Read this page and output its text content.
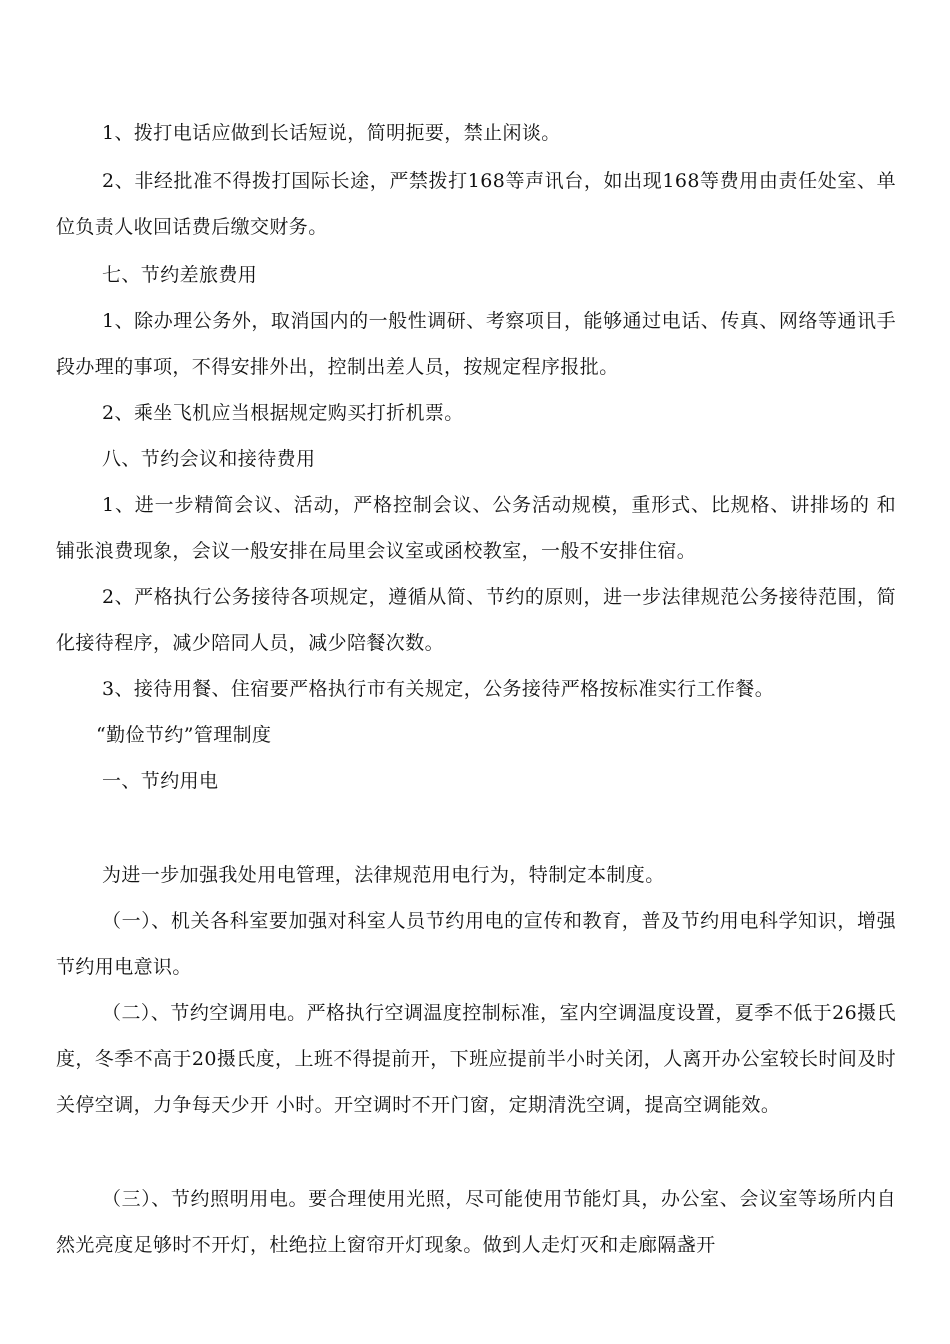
1、拨打电话应做到长话短说，简明扼要，禁止闲谈。

2、非经批准不得拨打国际长途，严禁拨打168等声讯台，如出现168等费用由责任处室、单位负责人收回话费后缴交财务。

七、节约差旅费用

1、除办理公务外，取消国内的一般性调研、考察项目，能够通过电话、传真、网络等通讯手段办理的事项，不得安排外出，控制出差人员，按规定程序报批。

2、乘坐飞机应当根据规定购买打折机票。

八、节约会议和接待费用

1、进一步精简会议、活动，严格控制会议、公务活动规模，重形式、比规格、讲排场的 和铺张浪费现象，会议一般安排在局里会议室或函校教室，一般不安排住宿。

2、严格执行公务接待各项规定，遵循从简、节约的原则，进一步法律规范公务接待范围，简化接待程序，减少陪同人员，减少陪餐次数。

3、接待用餐、住宿要严格执行市有关规定，公务接待严格按标准实行工作餐。

“勤俭节约”管理制度

一、节约用电

为进一步加强我处用电管理，法律规范用电行为，特制定本制度。

（一）、机关各科室要加强对科室人员节约用电的宣传和教育，普及节约用电科学知识，增强节约用电意识。

（二）、节约空调用电。严格执行空调温度控制标准，室内空调温度设置，夏季不低于26摄氏度，冬季不高于20摄氏度，上班不得提前开，下班应提前半小时关闭，人离开办公室较长时间及时关停空调，力争每天少开 小时。开空调时不开门窗，定期清洗空调，提高空调能效。

（三）、节约照明用电。要合理使用光照，尽可能使用节能灯具，办公室、会议室等场所内自然光亮度足够时不开灯，杜绝拉上窗帘开灯现象。做到人走灯灭和走廊隔盏开
